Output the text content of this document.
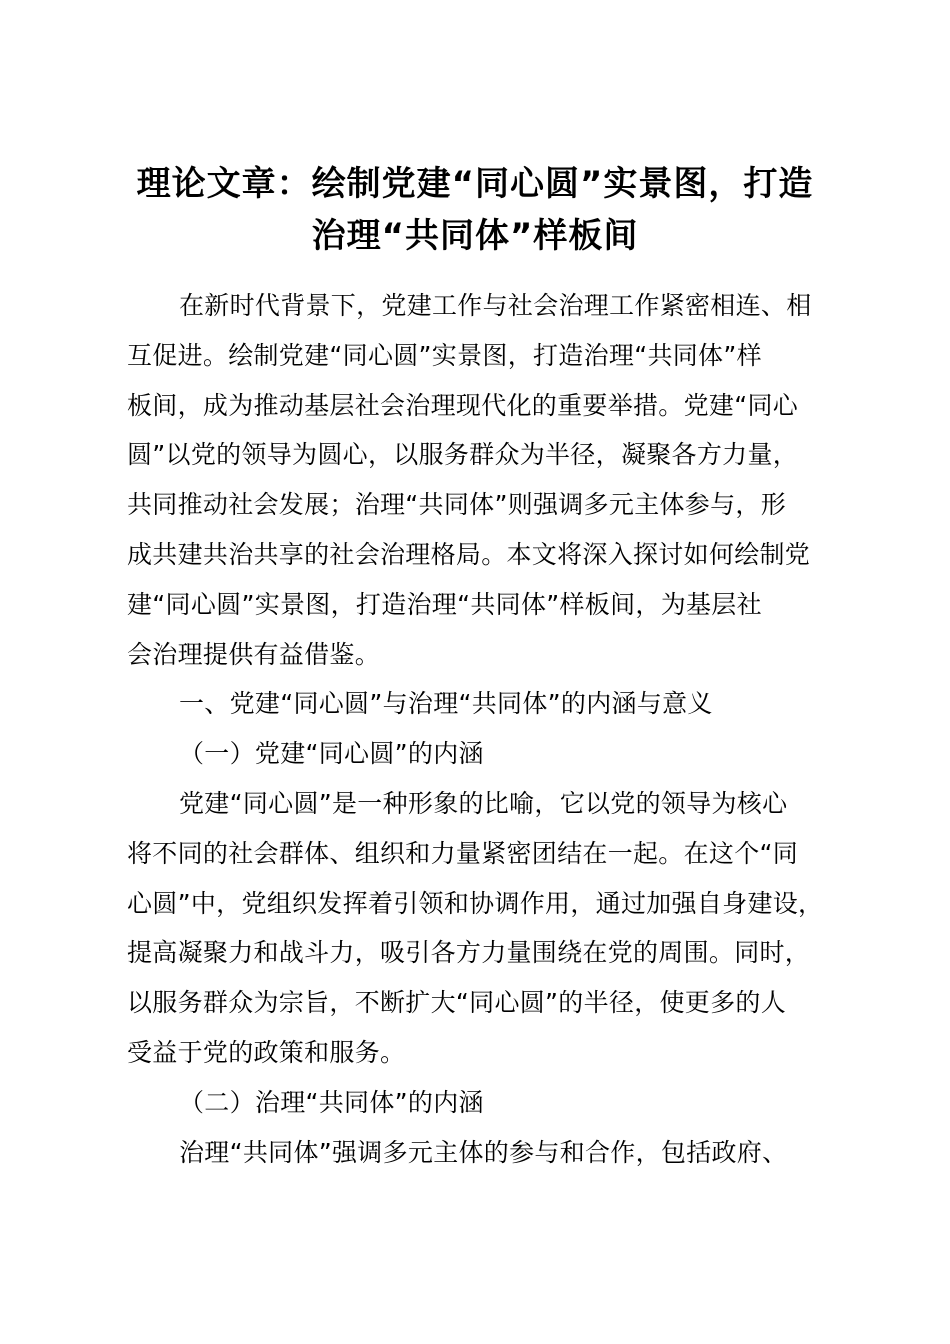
理论文章：绘制党建“同心圆”实景图，打造
治理“共同体”样板间
在新时代背景下，党建工作与社会治理工作紧密相连、相
互促进。绘制党建“同心圆”实景图，打造治理“共同体”样
板间，成为推动基层社会治理现代化的重要举措。党建“同心
圆”以党的领导为圆心，以服务群众为半径，凝聚各方力量，
共同推动社会发展；治理“共同体”则强调多元主体参与，形
成共建共治共享的社会治理格局。本文将深入探讨如何绘制党
建“同心圆”实景图，打造治理“共同体”样板间，为基层社
会治理提供有益借鉴。
一、党建“同心圆”与治理“共同体”的内涵与意义
（一）党建“同心圆”的内涵
党建“同心圆”是一种形象的比喻，它以党的领导为核心
将不同的社会群体、组织和力量紧密团结在一起。在这个“同
心圆”中，党组织发挥着引领和协调作用，通过加强自身建设，
提高凝聚力和战斗力，吸引各方力量围绕在党的周围。同时，
以服务群众为宗旨，不断扩大“同心圆”的半径，使更多的人
受益于党的政策和服务。
（二）治理“共同体”的内涵
治理“共同体”强调多元主体的参与和合作，包括政府、
